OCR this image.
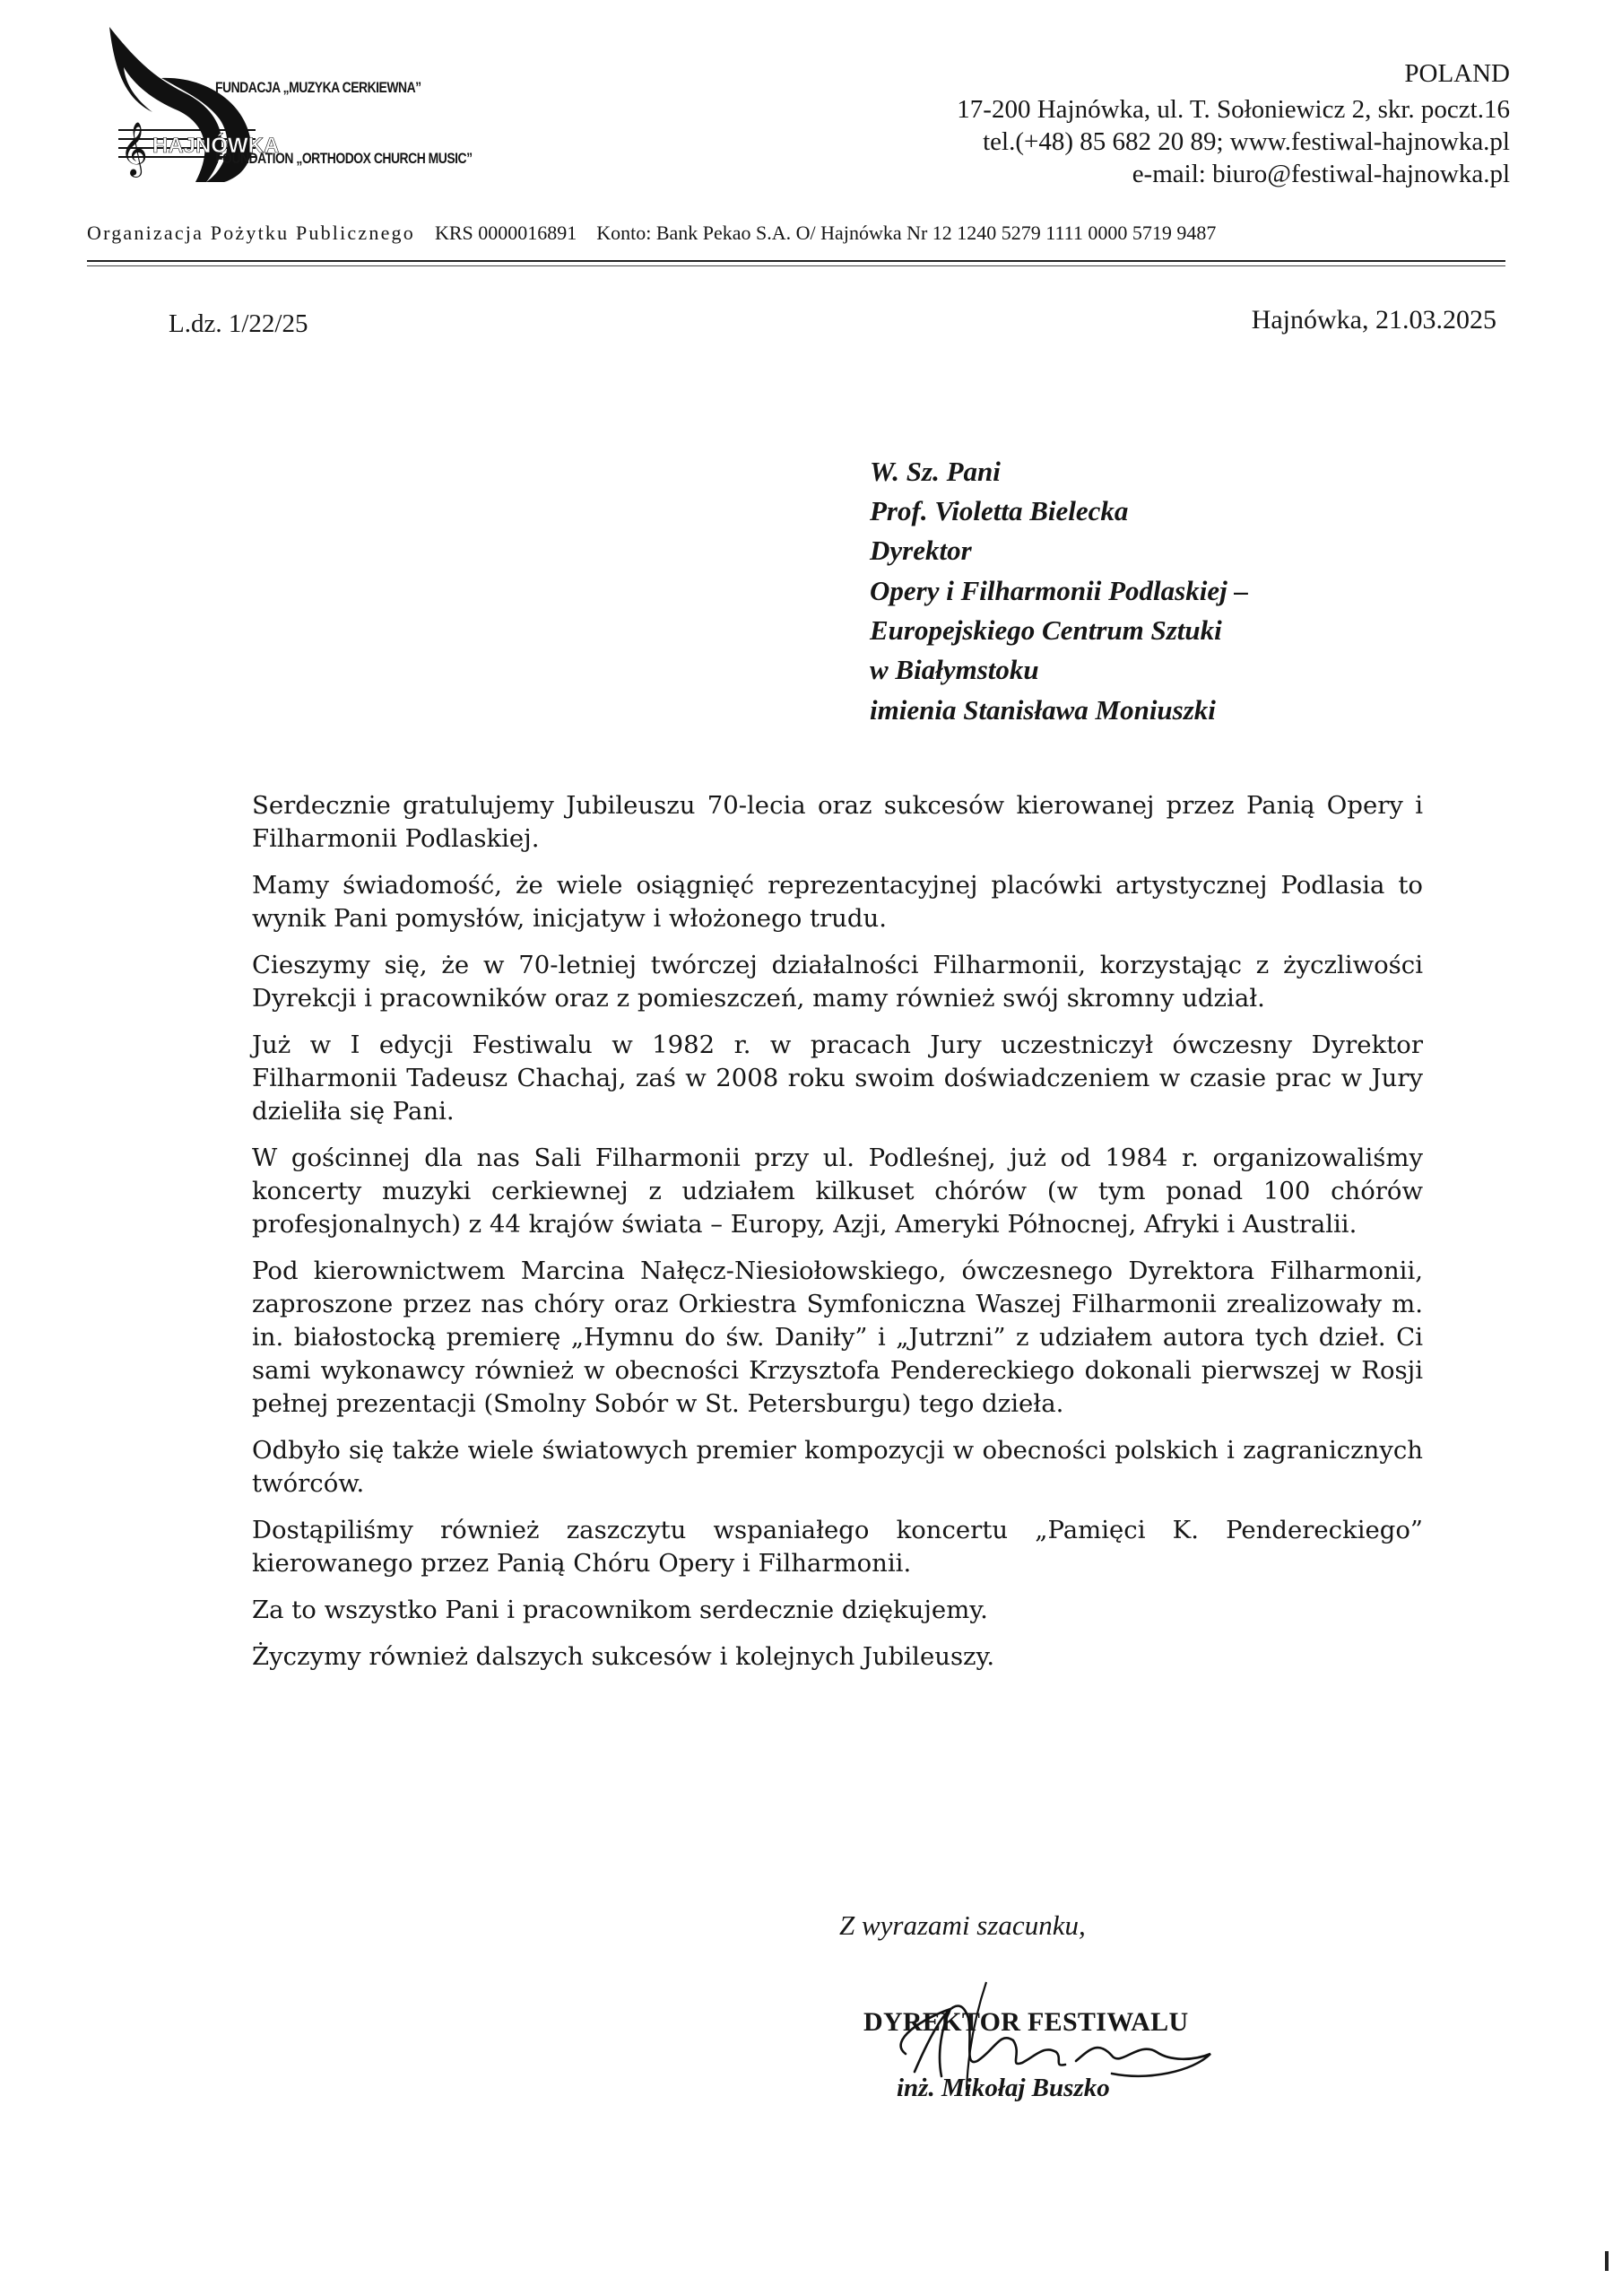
𝄞 HAJNÓWKA
FUNDACJA „MUZYKA CERKIEWNA”
FOUNDATION „ORTHODOX CHURCH MUSIC”
POLAND
17-200 Hajnówka, ul. T. Sołoniewicz 2, skr. poczt.16
tel.(+48) 85 682 20 89; www.festiwal-hajnowka.pl
e-mail: biuro@festiwal-hajnowka.pl
Organizacja Pożytku Publicznego KRS 0000016891 Konto: Bank Pekao S.A. O/ Hajnówka Nr 12 1240 5279 1111 0000 5719 9487
L.dz. 1/22/25	Hajnówka, 21.03.2025
W. Sz. Pani
Prof. Violetta Bielecka
Dyrektor
Opery i Filharmonii Podlaskiej –
Europejskiego Centrum Sztuki
w Białymstoku
imienia Stanisława Moniuszki

Serdecznie gratulujemy Jubileuszu 70-lecia oraz sukcesów kierowanej przez Panią Opery i Filharmonii Podlaskiej.

Mamy świadomość, że wiele osiągnięć reprezentacyjnej placówki artystycznej Podlasia to wynik Pani pomysłów, inicjatyw i włożonego trudu.

Cieszymy się, że w 70-letniej twórczej działalności Filharmonii, korzystając z życzliwości Dyrekcji i pracowników oraz z pomieszczeń, mamy również swój skromny udział.

Już w I edycji Festiwalu w 1982 r. w pracach Jury uczestniczył ówczesny Dyrektor Filharmonii Tadeusz Chachaj, zaś w 2008 roku swoim doświadczeniem w czasie prac w Jury dzieliła się Pani.

W gościnnej dla nas Sali Filharmonii przy ul. Podleśnej, już od 1984 r. organizowaliśmy koncerty muzyki cerkiewnej z udziałem kilkuset chórów (w tym ponad 100 chórów profesjonalnych) z 44 krajów świata – Europy, Azji, Ameryki Północnej, Afryki i Australii.

Pod kierownictwem Marcina Nałęcz-Niesiołowskiego, ówczesnego Dyrektora Filharmonii, zaproszone przez nas chóry oraz Orkiestra Symfoniczna Waszej Filharmonii zrealizowały m. in. białostocką premierę „Hymnu do św. Daniły” i „Jutrzni” z udziałem autora tych dzieł. Ci sami wykonawcy również w obecności Krzysztofa Pendereckiego dokonali pierwszej w Rosji pełnej prezentacji (Smolny Sobór w St. Petersburgu) tego dzieła.

Odbyło się także wiele światowych premier kompozycji w obecności polskich i zagranicznych twórców.

Dostąpiliśmy również zaszczytu wspaniałego koncertu „Pamięci K. Pendereckiego” kierowanego przez Panią Chóru Opery i Filharmonii.

Za to wszystko Pani i pracownikom serdecznie dziękujemy.

Życzymy również dalszych sukcesów i kolejnych Jubileuszy.

Z wyrazami szacunku,
DYREKTOR FESTIWALU
inż. Mikołaj Buszko
